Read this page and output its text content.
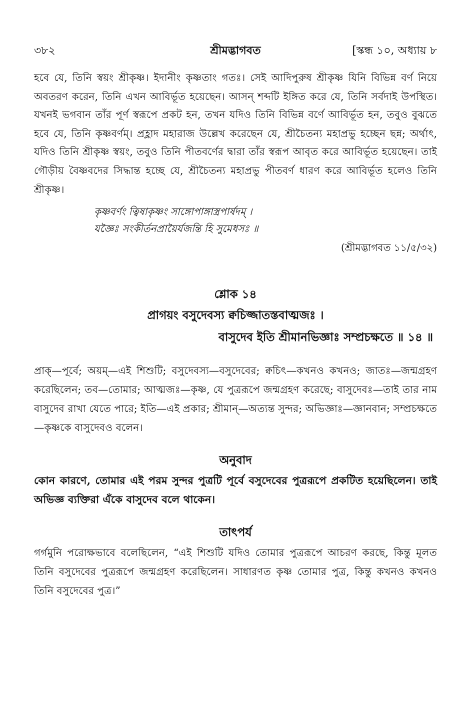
৩৮২	শ্রীমদ্ভাগবত	[স্কন্ধ ১০, অধ্যায় ৮

হবে যে, তিনি স্বয়ং শ্রীকৃষ্ণ। ইদানীং কৃষ্ণতাং গতঃ। সেই আদিপুরুষ শ্রীকৃষ্ণ যিনি বিভিন্ন বর্ণ নিয়ে অবতরণ করেন, তিনি এখন আবির্ভূত হয়েছেন। আসন্ শব্দটি ইঙ্গিত করে যে, তিনি সর্বদাই উপস্থিত। যখনই ভগবান তাঁর পূর্ণ স্বরূপে প্রকট হন, তখন যদিও তিনি বিভিন্ন বর্ণে আবির্ভূত হন, তবুও বুঝতে হবে যে, তিনি কৃষ্ণবর্ণম্। প্রহ্লাদ মহারাজ উল্লেখ করেছেন যে, শ্রীচৈতন্য মহাপ্রভু হচ্ছেন ছন্ন; অর্থাৎ, যদিও তিনি শ্রীকৃষ্ণ স্বয়ং, তবুও তিনি পীতবর্ণের দ্বারা তাঁর স্বরূপ আবৃত করে আবির্ভূত হয়েছেন। তাই গৌড়ীয় বৈষ্ণবদের সিদ্ধান্ত হচ্ছে যে, শ্রীচৈতন্য মহাপ্রভু পীতবর্ণ ধারণ করে আবির্ভূত হলেও তিনি শ্রীকৃষ্ণ।

কৃষ্ণবর্ণং ত্বিষাকৃষ্ণং সাঙ্গোপাঙ্গাস্ত্রপার্ষদম্ ।
যজ্ঞৈঃ সংকীর্তনপ্রায়ৈর্যজন্তি হি সুমেধসঃ ॥
(শ্রীমদ্ভাগবত ১১/৫/৩২)
শ্লোক ১৪
প্রাগয়ং বসুদেবস্য ক্বচিজ্জাতস্তবাত্মজঃ ।
বাসুদেব ইতি শ্রীমানভিজ্ঞাঃ সম্প্রচক্ষতে ॥ ১৪ ॥

প্রাক্—পূর্বে; অয়ম্—এই শিশুটি; বসুদেবস্য—বসুদেবের; ক্বচিৎ—কখনও কখনও; জাতঃ—জন্মগ্রহণ করেছিলেন; তব—তোমার; আত্মজঃ—কৃষ্ণ, যে পুত্ররূপে জন্মগ্রহণ করেছে; বাসুদেবঃ—তাই তার নাম বাসুদেব রাখা যেতে পারে; ইতি—এই প্রকার; শ্রীমান্—অত্যন্ত সুন্দর; অভিজ্ঞাঃ—জ্ঞানবান; সম্প্রচক্ষতে—কৃষ্ণকে বাসুদেবও বলেন।

অনুবাদ

কোন কারণে, তোমার এই পরম সুন্দর পুত্রটি পূর্বে বসুদেবের পুত্ররূপে প্রকটিত হয়েছিলেন। তাই অভিজ্ঞ ব্যক্তিরা এঁকে বাসুদেব বলে থাকেন।

তাৎপর্য

গর্গমুনি পরোক্ষভাবে বলেছিলেন, “এই শিশুটি যদিও তোমার পুত্ররূপে আচরণ করছে, কিন্তু মূলত তিনি বসুদেবের পুত্ররূপে জন্মগ্রহণ করেছিলেন। সাধারণত কৃষ্ণ তোমার পুত্র, কিন্তু কখনও কখনও তিনি বসুদেবের পুত্র।”
